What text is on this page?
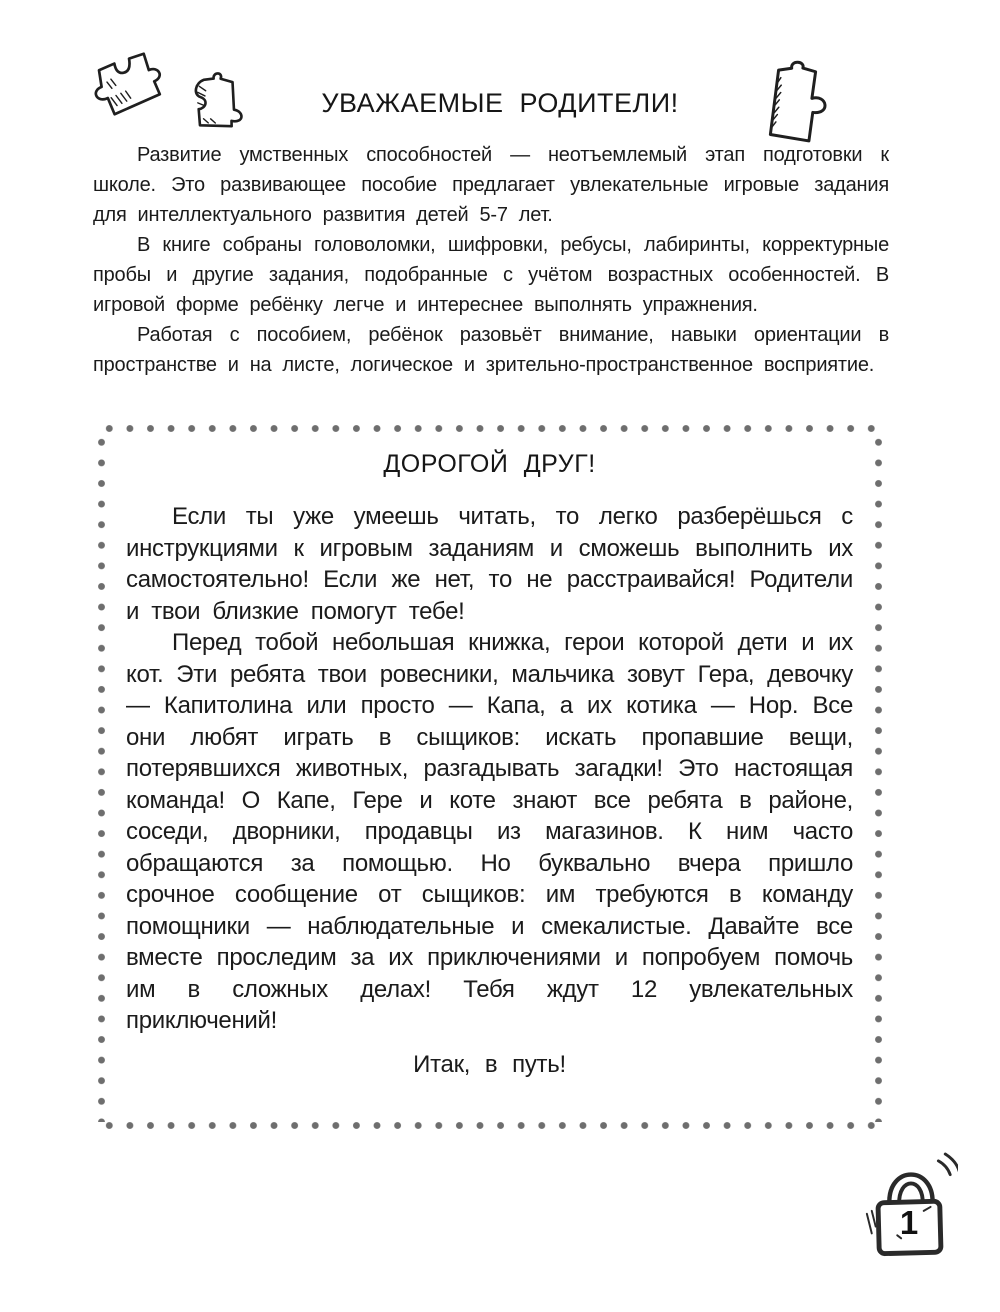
УВАЖАЕМЫЕ РОДИТЕЛИ!

Развитие умственных способностей — неотъемлемый этап подготовки к школе. Это развивающее пособие предлагает увлекательные игровые задания для интеллектуального развития детей 5-7 лет.

В книге собраны головоломки, шифровки, ребусы, лабиринты, корректурные пробы и другие задания, подобранные с учётом возрастных особенностей. В игровой форме ребёнку легче и интереснее выполнять упражнения.

Работая с пособием, ребёнок разовьёт внимание, навыки ориентации в пространстве и на листе, логическое и зрительно-пространственное восприятие.

ДОРОГОЙ ДРУГ!

Если ты уже умеешь читать, то легко разберёшься с инструкциями к игровым заданиям и сможешь выполнить их самостоятельно! Если же нет, то не расстраивайся! Родители и твои близкие помогут тебе!

Перед тобой небольшая книжка, герои которой дети и их кот. Эти ребята твои ровесники, мальчика зовут Гера, девочку — Капитолина или просто — Капа, а их котика — Нор. Все они любят играть в сыщиков: искать пропавшие вещи, потерявшихся животных, разгадывать загадки! Это настоящая команда! О Капе, Гере и коте знают все ребята в районе, соседи, дворники, продавцы из магазинов. К ним часто обращаются за помощью. Но буквально вчера пришло срочное сообщение от сыщиков: им требуются в команду помощники — наблюдательные и смекалистые. Давайте все вместе проследим за их приключениями и попробуем помочь им в сложных делах! Тебя ждут 12 увлекательных приключений!

Итак, в путь!
1
